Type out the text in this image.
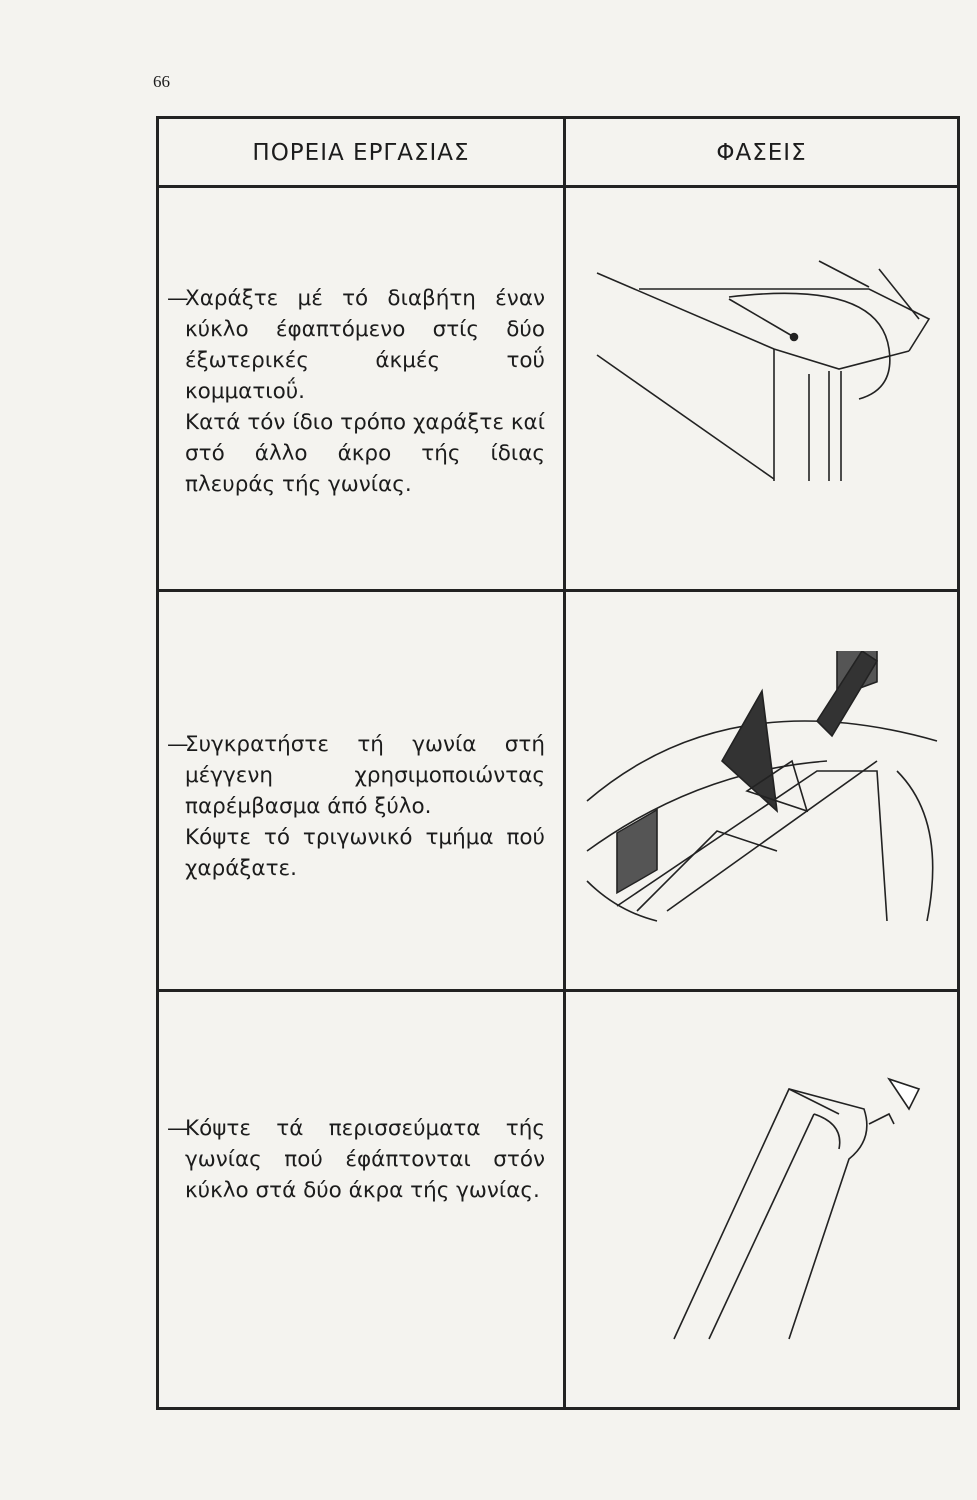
66
ΠΟΡΕΙΑ ΕΡΓΑΣΙΑΣ	ΦΑΣΕΙΣ
—

Χαράξτε μέ τό διαβήτη έναν κύκλο έφαπτόμενο στίς δύο έξωτερικές άκμές τοΰ κομματιοΰ.

Κατά τόν ίδιο τρόπο χαράξτε καί στό άλλο άκρο τής ίδιας πλευράς τής γωνίας.

—

Συγκρατήστε τή γωνία στή μέγγενη χρησιμοποιώντας παρέμβασμα άπό ξύλο.

Κόψτε τό τριγωνικό τμήμα πού χαράξατε.

—

Κόψτε τά περισσεύματα τής γωνίας πού έφάπτονται στόν κύκλο στά δύο άκρα τής γωνίας.
